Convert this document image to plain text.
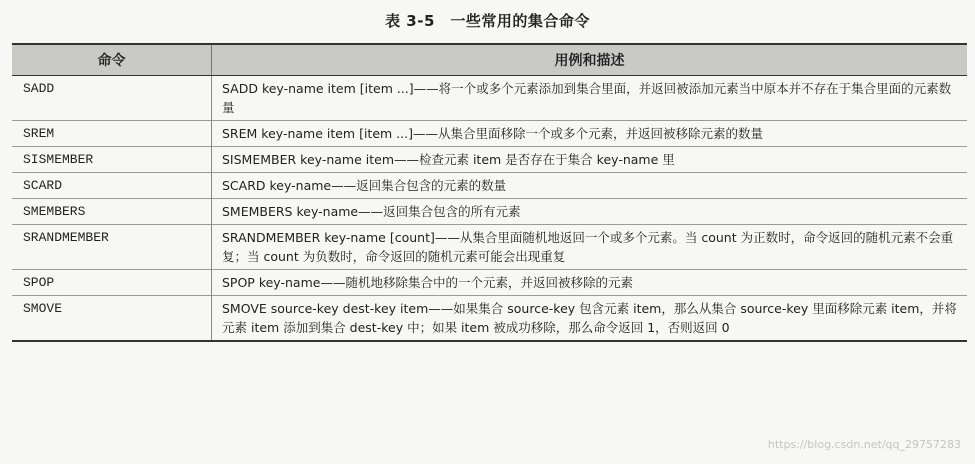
表 3-5　一些常用的集合命令
命令	用例和描述
SADD	SADD key-name item [item ...]——将一个或多个元素添加到集合里面，并返回被添加元素当中原本并不存在于集合里面的元素数量
SREM	SREM key-name item [item ...]——从集合里面移除一个或多个元素，并返回被移除元素的数量
SISMEMBER	SISMEMBER key-name item——检查元素 item 是否存在于集合 key-name 里
SCARD	SCARD key-name——返回集合包含的元素的数量
SMEMBERS	SMEMBERS key-name——返回集合包含的所有元素
SRANDMEMBER	SRANDMEMBER key-name [count]——从集合里面随机地返回一个或多个元素。当 count 为正数时，命令返回的随机元素不会重复；当 count 为负数时，命令返回的随机元素可能会出现重复
SPOP	SPOP key-name——随机地移除集合中的一个元素，并返回被移除的元素
SMOVE	SMOVE source-key dest-key item——如果集合 source-key 包含元素 item，那么从集合 source-key 里面移除元素 item，并将元素 item 添加到集合 dest-key 中；如果 item 被成功移除，那么命令返回 1，否则返回 0
https://blog.csdn.net/qq_29757283
